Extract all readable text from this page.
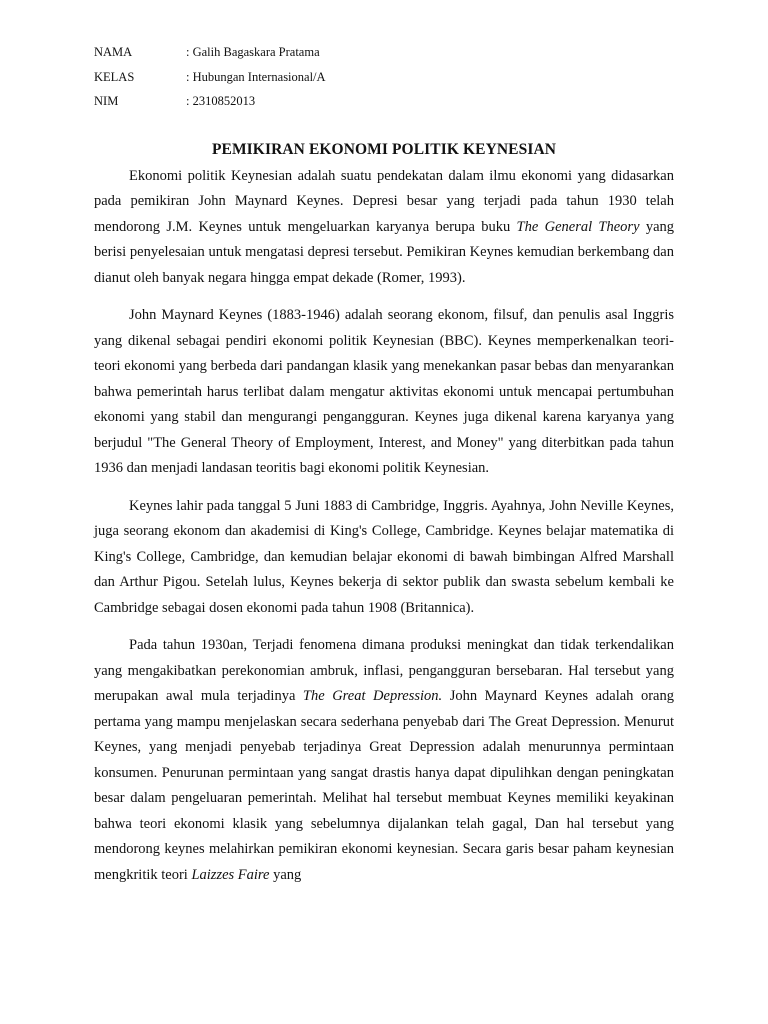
NAMA	: Galih Bagaskara Pratama
KELAS	: Hubungan Internasional/A
NIM	: 2310852013
PEMIKIRAN EKONOMI POLITIK KEYNESIAN

Ekonomi politik Keynesian adalah suatu pendekatan dalam ilmu ekonomi yang didasarkan pada pemikiran John Maynard Keynes. Depresi besar yang terjadi pada tahun 1930 telah mendorong J.M. Keynes untuk mengeluarkan karyanya berupa buku The General Theory yang berisi penyelesaian untuk mengatasi depresi tersebut. Pemikiran Keynes kemudian berkembang dan dianut oleh banyak negara hingga empat dekade (Romer, 1993).

John Maynard Keynes (1883-1946) adalah seorang ekonom, filsuf, dan penulis asal Inggris yang dikenal sebagai pendiri ekonomi politik Keynesian (BBC). Keynes memperkenalkan teori-teori ekonomi yang berbeda dari pandangan klasik yang menekankan pasar bebas dan menyarankan bahwa pemerintah harus terlibat dalam mengatur aktivitas ekonomi untuk mencapai pertumbuhan ekonomi yang stabil dan mengurangi pengangguran. Keynes juga dikenal karena karyanya yang berjudul "The General Theory of Employment, Interest, and Money" yang diterbitkan pada tahun 1936 dan menjadi landasan teoritis bagi ekonomi politik Keynesian.

Keynes lahir pada tanggal 5 Juni 1883 di Cambridge, Inggris. Ayahnya, John Neville Keynes, juga seorang ekonom dan akademisi di King's College, Cambridge. Keynes belajar matematika di King's College, Cambridge, dan kemudian belajar ekonomi di bawah bimbingan Alfred Marshall dan Arthur Pigou. Setelah lulus, Keynes bekerja di sektor publik dan swasta sebelum kembali ke Cambridge sebagai dosen ekonomi pada tahun 1908 (Britannica).

Pada tahun 1930an, Terjadi fenomena dimana produksi meningkat dan tidak terkendalikan yang mengakibatkan perekonomian ambruk, inflasi, pengangguran bersebaran. Hal tersebut yang merupakan awal mula terjadinya The Great Depression. John Maynard Keynes adalah orang pertama yang mampu menjelaskan secara sederhana penyebab dari The Great Depression. Menurut Keynes, yang menjadi penyebab terjadinya Great Depression adalah menurunnya permintaan konsumen. Penurunan permintaan yang sangat drastis hanya dapat dipulihkan dengan peningkatan besar dalam pengeluaran pemerintah. Melihat hal tersebut membuat Keynes memiliki keyakinan bahwa teori ekonomi klasik yang sebelumnya dijalankan telah gagal, Dan hal tersebut yang mendorong keynes melahirkan pemikiran ekonomi keynesian. Secara garis besar paham keynesian mengkritik teori Laizzes Faire yang
